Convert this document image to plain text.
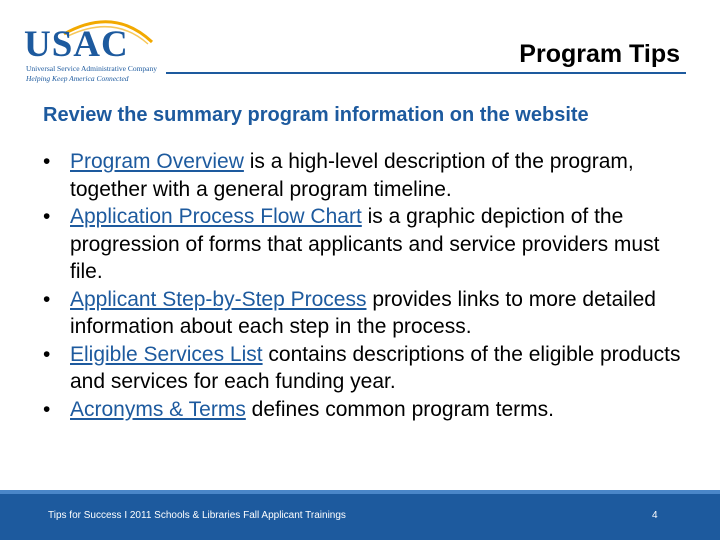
USAC
Universal Service Administrative Company
Helping Keep America Connected
Program Tips
Review the summary program information on the website
• Program Overview is a high-level description of the program, together with a general program timeline.
• Application Process Flow Chart is a graphic depiction of the progression of forms that applicants and service providers must file.
• Applicant Step-by-Step Process provides links to more detailed information about each step in the process.
• Eligible Services List contains descriptions of the eligible products and services for each funding year.
• Acronyms & Terms defines common program terms.
Tips for Success I 2011 Schools & Libraries Fall Applicant Trainings	4
